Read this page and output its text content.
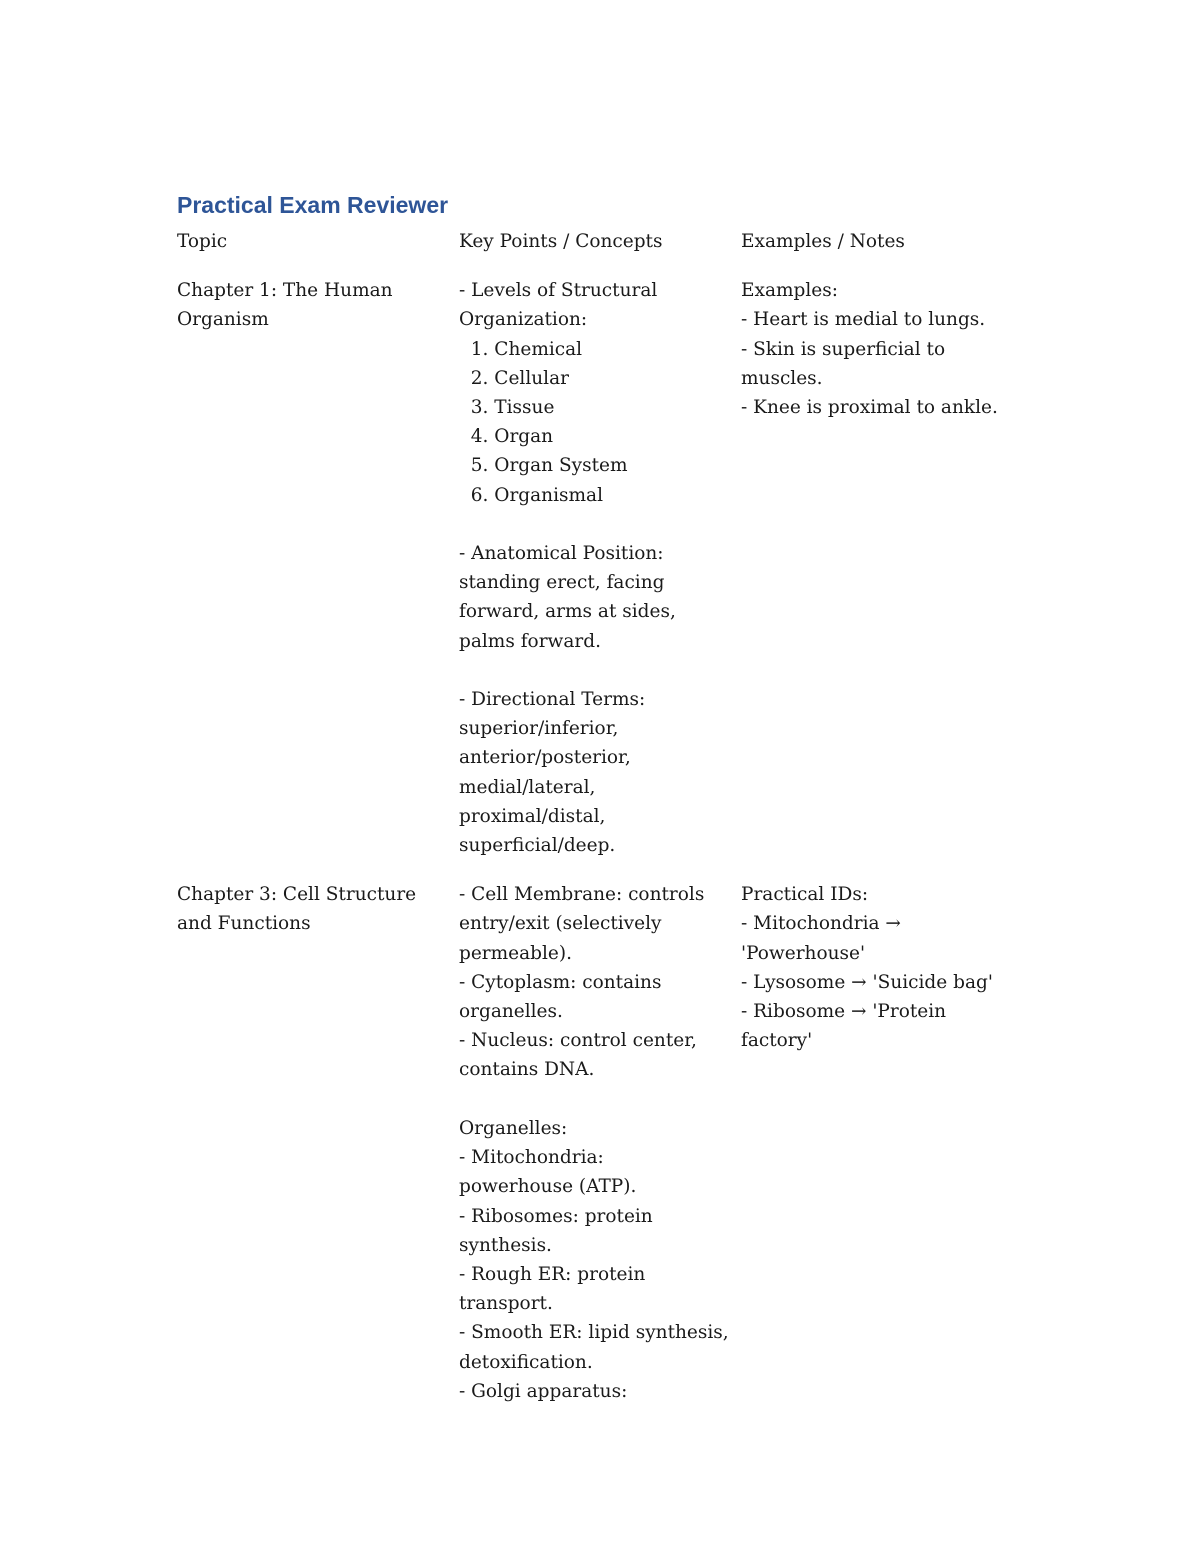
Practical Exam Reviewer
Topic	Key Points / Concepts	Examples / Notes
Chapter 1: The Human
Organism
- Levels of Structural
Organization:
1. Chemical
2. Cellular
3. Tissue
4. Organ
5. Organ System
6. Organismal

- Anatomical Position:
standing erect, facing
forward, arms at sides,
palms forward.

- Directional Terms:
superior/inferior,
anterior/posterior,
medial/lateral,
proximal/distal,
superficial/deep.
Examples:
- Heart is medial to lungs.
- Skin is superficial to
muscles.
- Knee is proximal to ankle.
Chapter 3: Cell Structure
and Functions
- Cell Membrane: controls
entry/exit (selectively
permeable).
- Cytoplasm: contains
organelles.
- Nucleus: control center,
contains DNA.

Organelles:
- Mitochondria:
powerhouse (ATP).
- Ribosomes: protein
synthesis.
- Rough ER: protein
transport.
- Smooth ER: lipid synthesis,
detoxification.
- Golgi apparatus:
Practical IDs:
- Mitochondria →
'Powerhouse'
- Lysosome → 'Suicide bag'
- Ribosome → 'Protein
factory'
